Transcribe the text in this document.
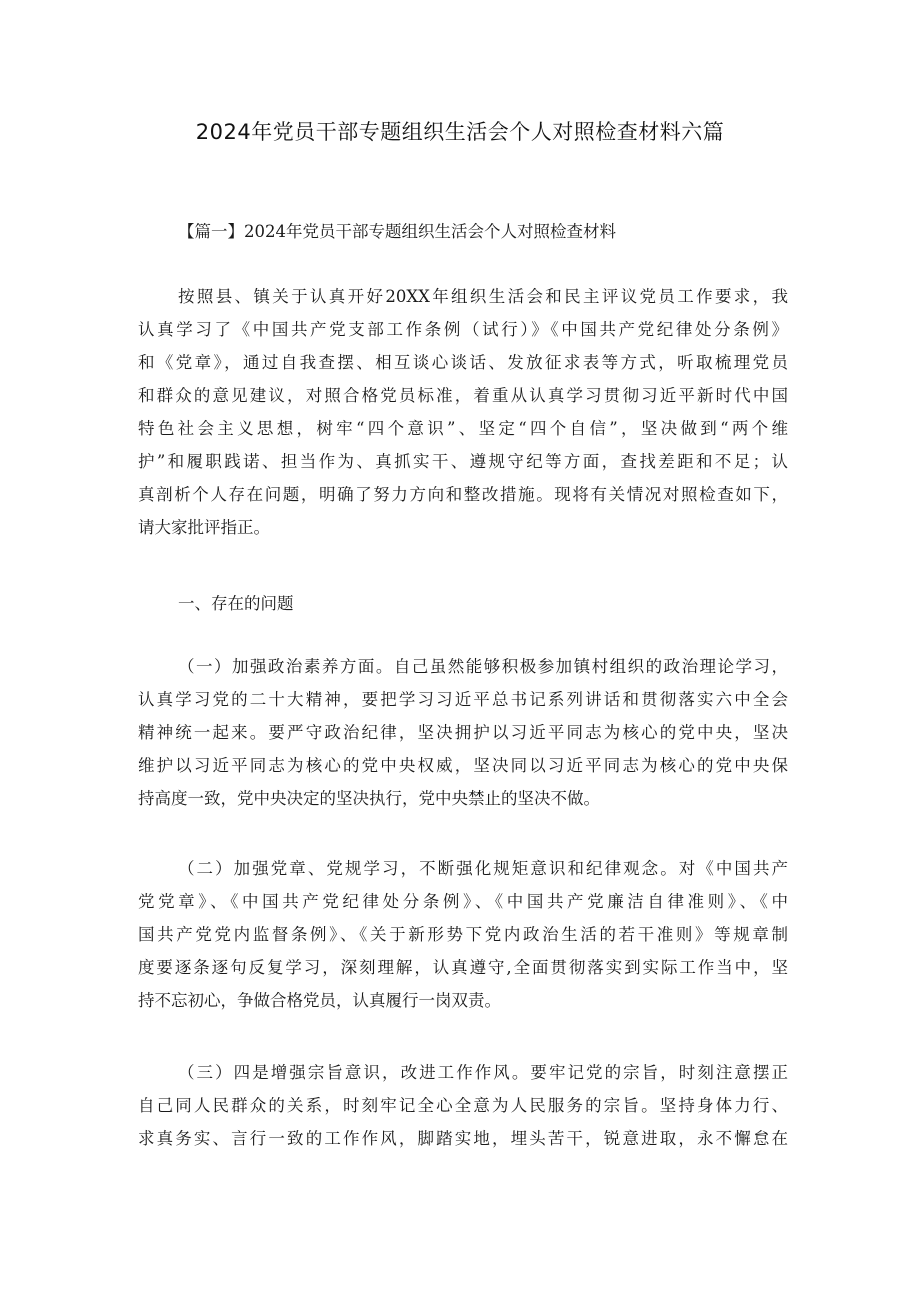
2024年党员干部专题组织生活会个人对照检查材料六篇

【篇一】2024年党员干部专题组织生活会个人对照检查材料

按照县、镇关于认真开好20XX年组织生活会和民主评议党员工作要求，我
认真学习了《中国共产党支部工作条例（试行）》《中国共产党纪律处分条例》
和《党章》，通过自我查摆、相互谈心谈话、发放征求表等方式，听取梳理党员
和群众的意见建议，对照合格党员标准，着重从认真学习贯彻习近平新时代中国
特色社会主义思想，树牢“四个意识”、坚定“四个自信”，坚决做到“两个维
护”和履职践诺、担当作为、真抓实干、遵规守纪等方面，查找差距和不足；认
真剖析个人存在问题，明确了努力方向和整改措施。现将有关情况对照检查如下，
请大家批评指正。

一、存在的问题

（一）加强政治素养方面。自己虽然能够积极参加镇村组织的政治理论学习，
认真学习党的二十大精神，要把学习习近平总书记系列讲话和贯彻落实六中全会
精神统一起来。要严守政治纪律，坚决拥护以习近平同志为核心的党中央，坚决
维护以习近平同志为核心的党中央权威，坚决同以习近平同志为核心的党中央保
持高度一致，党中央决定的坚决执行，党中央禁止的坚决不做。
（二）加强党章、党规学习，不断强化规矩意识和纪律观念。对《中国共产
党党章》、《中国共产党纪律处分条例》、《中国共产党廉洁自律准则》、《中
国共产党党内监督条例》、《关于新形势下党内政治生活的若干准则》等规章制
度要逐条逐句反复学习，深刻理解，认真遵守,全面贯彻落实到实际工作当中，坚
持不忘初心，争做合格党员，认真履行一岗双责。
（三）四是增强宗旨意识，改进工作作风。要牢记党的宗旨，时刻注意摆正
自己同人民群众的关系，时刻牢记全心全意为人民服务的宗旨。坚持身体力行、
求真务实、言行一致的工作作风，脚踏实地，埋头苦干，锐意进取，永不懈怠在
